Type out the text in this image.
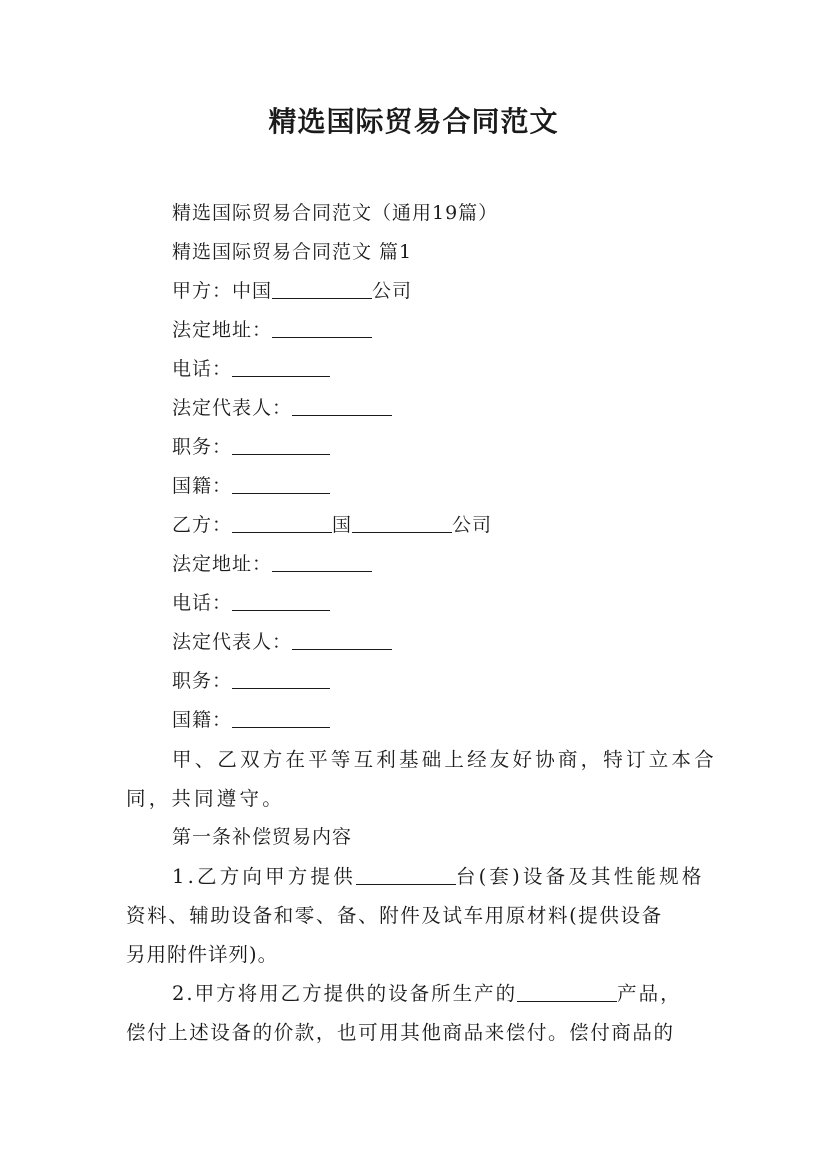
精选国际贸易合同范文
精选国际贸易合同范文（通用19篇）
精选国际贸易合同范文 篇1
甲方：中国	公司
法定地址：
电话：
法定代表人：
职务：
国籍：
乙方：	国	公司
法定地址：
电话：
法定代表人：
职务：
国籍：
甲、乙双方在平等互利基础上经友好协商，特订立本合
同，共同遵守。
第一条补偿贸易内容
1.乙方向甲方提供	台(套)设备及其性能规格
资料、辅助设备和零、备、附件及试车用原材料(提供设备
另用附件详列)。
2.甲方将用乙方提供的设备所生产的	产品，
偿付上述设备的价款，也可用其他商品来偿付。偿付商品的
